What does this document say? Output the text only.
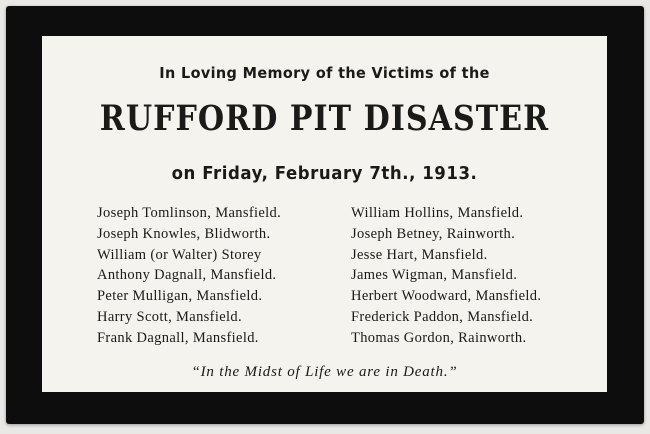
In Loving Memory of the Victims of the

RUFFORD PIT DISASTER

on Friday, February 7th., 1913.

Joseph Tomlinson, Mansfield.
Joseph Knowles, Blidworth.
William (or Walter) Storey
Anthony Dagnall, Mansfield.
Peter Mulligan, Mansfield.
Harry Scott, Mansfield.
Frank Dagnall, Mansfield.
William Hollins, Mansfield.
Joseph Betney, Rainworth.
Jesse Hart, Mansfield.
James Wigman, Mansfield.
Herbert Woodward, Mansfield.
Frederick Paddon, Mansfield.
Thomas Gordon, Rainworth.

“In the Midst of Life we are in Death.”
